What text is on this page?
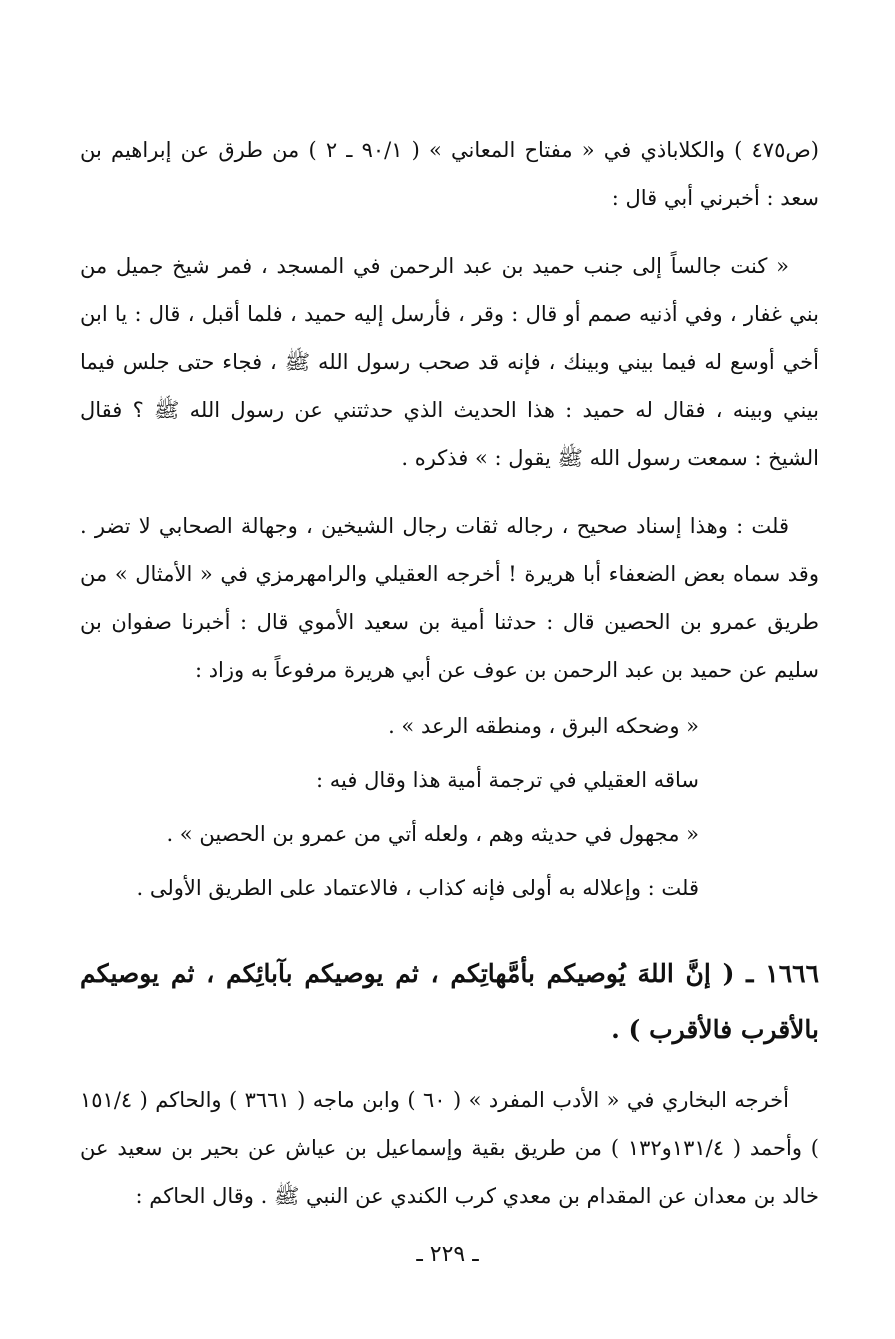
(ص٤٧٥ ) والكلاباذي في « مفتاح المعاني » ( ٩٠/١ ـ ٢ ) من طرق عن إبراهيم بن سعد : أخبرني أبي قال :

« كنت جالساً إلى جنب حميد بن عبد الرحمن في المسجد ، فمر شيخ جميل من بني غفار ، وفي أذنيه صمم أو قال : وقر ، فأرسل إليه حميد ، فلما أقبل ، قال : يا ابن أخي أوسع له فيما بيني وبينك ، فإنه قد صحب رسول الله ﷺ ، فجاء حتى جلس فيما بيني وبينه ، فقال له حميد : هذا الحديث الذي حدثتني عن رسول الله ﷺ ؟ فقال الشيخ : سمعت رسول الله ﷺ يقول : » فذكره .

قلت : وهذا إسناد صحيح ، رجاله ثقات رجال الشيخين ، وجهالة الصحابي لا تضر . وقد سماه بعض الضعفاء أبا هريرة ! أخرجه العقيلي والرامهرمزي في « الأمثال » من طريق عمرو بن الحصين قال : حدثنا أمية بن سعيد الأموي قال : أخبرنا صفوان بن سليم عن حميد بن عبد الرحمن بن عوف عن أبي هريرة مرفوعاً به وزاد :

« وضحكه البرق ، ومنطقه الرعد » .

ساقه العقيلي في ترجمة أمية هذا وقال فيه :

« مجهول في حديثه وهم ، ولعله أتي من عمرو بن الحصين » .

قلت : وإعلاله به أولى فإنه كذاب ، فالاعتماد على الطريق الأولى .

١٦٦٦ ـ ( إنَّ اللهَ يُوصيكم بأمَّهاتِكم ، ثم يوصيكم بآبائِكم ، ثم يوصيكم بالأقرب فالأقرب ) .

أخرجه البخاري في « الأدب المفرد » ( ٦٠ ) وابن ماجه ( ٣٦٦١ ) والحاكم ( ١٥١/٤ ) وأحمد ( ١٣١/٤و١٣٢ ) من طريق بقية وإسماعيل بن عياش عن بحير بن سعيد عن خالد بن معدان عن المقدام بن معدي كرب الكندي عن النبي ﷺ . وقال الحاكم :

ـ ٢٢٩ ـ
